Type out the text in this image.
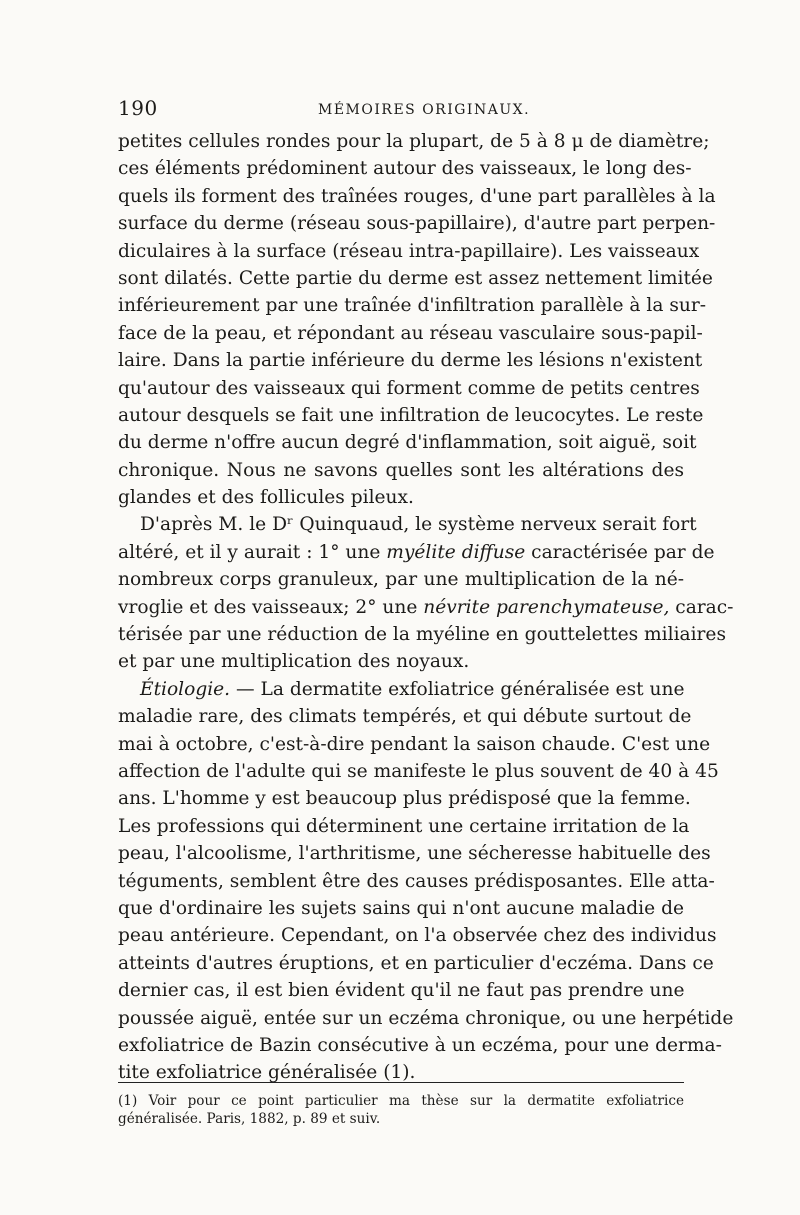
190	MÉMOIRES ORIGINAUX.
petites cellules rondes pour la plupart, de 5 à 8 μ de diamètre;
ces éléments prédominent autour des vaisseaux, le long des-
quels ils forment des traînées rouges, d'une part parallèles à la
surface du derme (réseau sous-papillaire), d'autre part perpen-
diculaires à la surface (réseau intra-papillaire). Les vaisseaux
sont dilatés. Cette partie du derme est assez nettement limitée
inférieurement par une traînée d'infiltration parallèle à la sur-
face de la peau, et répondant au réseau vasculaire sous-papil-
laire. Dans la partie inférieure du derme les lésions n'existent
qu'autour des vaisseaux qui forment comme de petits centres
autour desquels se fait une infiltration de leucocytes. Le reste
du derme n'offre aucun degré d'inflammation, soit aiguë, soit
chronique. Nous ne savons quelles sont les altérations des
glandes et des follicules pileux.
D'après M. le Dʳ Quinquaud, le système nerveux serait fort
altéré, et il y aurait : 1° une myélite diffuse caractérisée par de
nombreux corps granuleux, par une multiplication de la né-
vroglie et des vaisseaux; 2° une névrite parenchymateuse, carac-
térisée par une réduction de la myéline en gouttelettes miliaires
et par une multiplication des noyaux.
Étiologie. — La dermatite exfoliatrice généralisée est une
maladie rare, des climats tempérés, et qui débute surtout de
mai à octobre, c'est-à-dire pendant la saison chaude. C'est une
affection de l'adulte qui se manifeste le plus souvent de 40 à 45
ans. L'homme y est beaucoup plus prédisposé que la femme.
Les professions qui déterminent une certaine irritation de la
peau, l'alcoolisme, l'arthritisme, une sécheresse habituelle des
téguments, semblent être des causes prédisposantes. Elle atta-
que d'ordinaire les sujets sains qui n'ont aucune maladie de
peau antérieure. Cependant, on l'a observée chez des individus
atteints d'autres éruptions, et en particulier d'eczéma. Dans ce
dernier cas, il est bien évident qu'il ne faut pas prendre une
poussée aiguë, entée sur un eczéma chronique, ou une herpétide
exfoliatrice de Bazin consécutive à un eczéma, pour une derma-
tite exfoliatrice généralisée (1).
(1) Voir pour ce point particulier ma thèse sur la dermatite exfoliatrice
généralisée. Paris, 1882, p. 89 et suiv.
